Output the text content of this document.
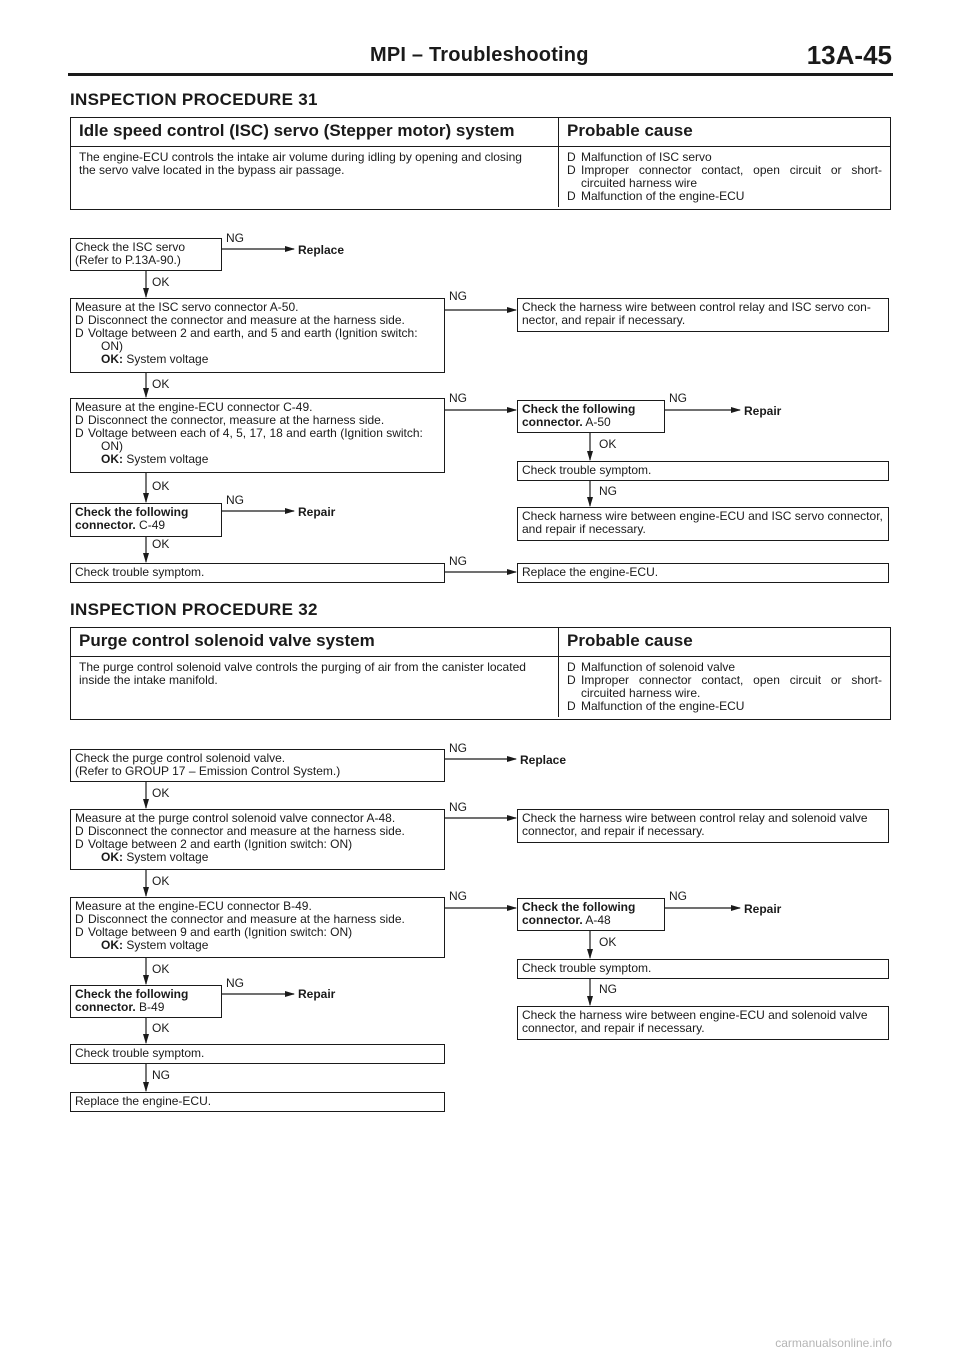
MPI – Troubleshooting	13A-45
INSPECTION PROCEDURE 31
Idle speed control (ISC) servo (Stepper motor) system	Probable cause
The engine-ECU controls the intake air volume during idling by opening and closing
the servo valve located in the bypass air passage.
D Malfunction of ISC servo
D Improper connector contact, open circuit or short-circuited harness wire
D Malfunction of the engine-ECU
Check the ISC servo
(Refer to P.13A-90.)
Replace
Measure at the ISC servo connector A-50.
D Disconnect the connector and measure at the harness side.
D Voltage between 2 and earth, and 5 and earth (Ignition switch:
ON)
OK: System voltage
Check the harness wire between control relay and ISC servo con- nector, and repair if necessary.
Measure at the engine-ECU connector C-49.
D Disconnect the connector, measure at the harness side.
D Voltage between each of 4, 5, 17, 18 and earth (Ignition switch:
ON)
OK: System voltage
Check the following
connector. A-50
Repair
Check trouble symptom.
Check harness wire between engine-ECU and ISC servo connector, and repair if necessary.
Check the following
connector. C-49
Repair
Check trouble symptom.	Replace the engine-ECU.
NG
OK
NG
OK
NG	NG
OK
NG
OK
NG
OK
NG
INSPECTION PROCEDURE 32
Purge control solenoid valve system	Probable cause
The purge control solenoid valve controls the purging of air from the canister located
inside the intake manifold.
D Malfunction of solenoid valve
D Improper connector contact, open circuit or short-circuited harness wire.
D Malfunction of the engine-ECU
Check the purge control solenoid valve.
(Refer to GROUP 17 – Emission Control System.)
Replace
Measure at the purge control solenoid valve connector A-48.
D Disconnect the connector and measure at the harness side.
D Voltage between 2 and earth (Ignition switch: ON)
OK: System voltage
Check the harness wire between control relay and solenoid valve connector, and repair if necessary.
Measure at the engine-ECU connector B-49.
D Disconnect the connector and measure at the harness side.
D Voltage between 9 and earth (Ignition switch: ON)
OK: System voltage
Check the following
connector. A-48
Repair
Check trouble symptom.
Check the harness wire between engine-ECU and solenoid valve connector, and repair if necessary.
Check the following
connector. B-49
Repair
Check trouble symptom.
Replace the engine-ECU.
NG
OK
NG
OK
NG	NG
OK
NG
OK
NG
OK
NG
carmanualsonline.info
